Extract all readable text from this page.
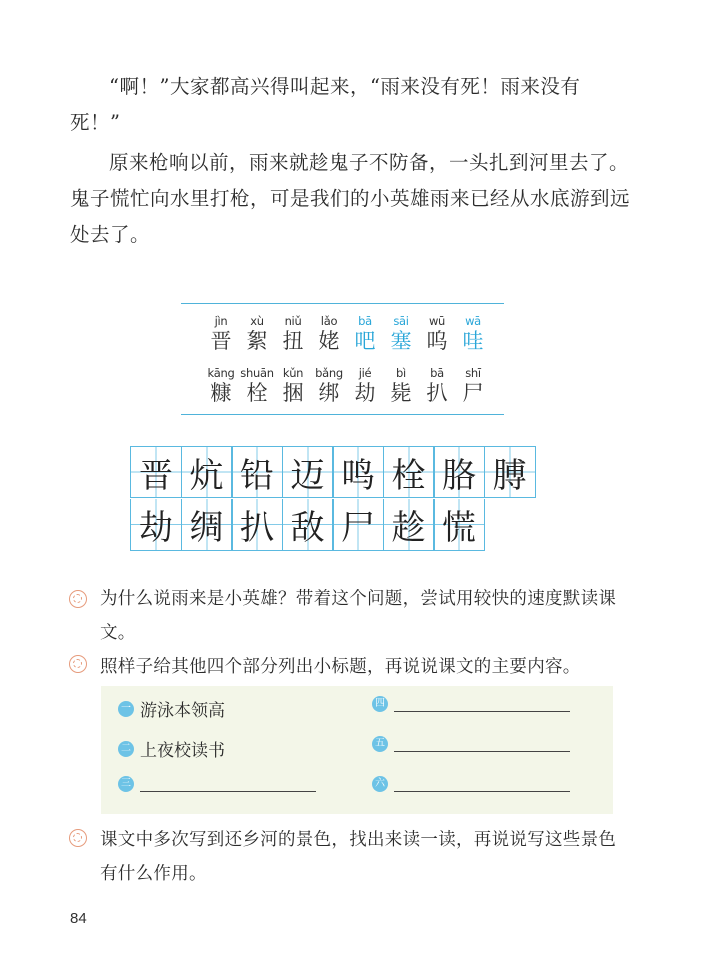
“啊！”大家都高兴得叫起来，“雨来没有死！雨来没有死！”
原来枪响以前，雨来就趁鬼子不防备，一头扎到河里去了。鬼子慌忙向水里打枪，可是我们的小英雄雨来已经从水底游到远处去了。
jìn
晋
xù
絮
niǔ
扭
lǎo
姥
bā
吧
sāi
塞
wū
呜
wā
哇
kāng
糠
shuān
栓
kǔn
捆
bǎng
绑
jié
劫
bì
毙
bā
扒
shī
尸
晋 炕 铅 迈 鸣 栓 胳 膊
劫 绸 扒 敌 尸 趁 慌
为什么说雨来是小英雄？带着这个问题，尝试用较快的速度默读课文。
照样子给其他四个部分列出小标题，再说说课文的主要内容。
一 游泳本领高
二 上夜校读书
三
四
五
六
课文中多次写到还乡河的景色，找出来读一读，再说说写这些景色有什么作用。
84
